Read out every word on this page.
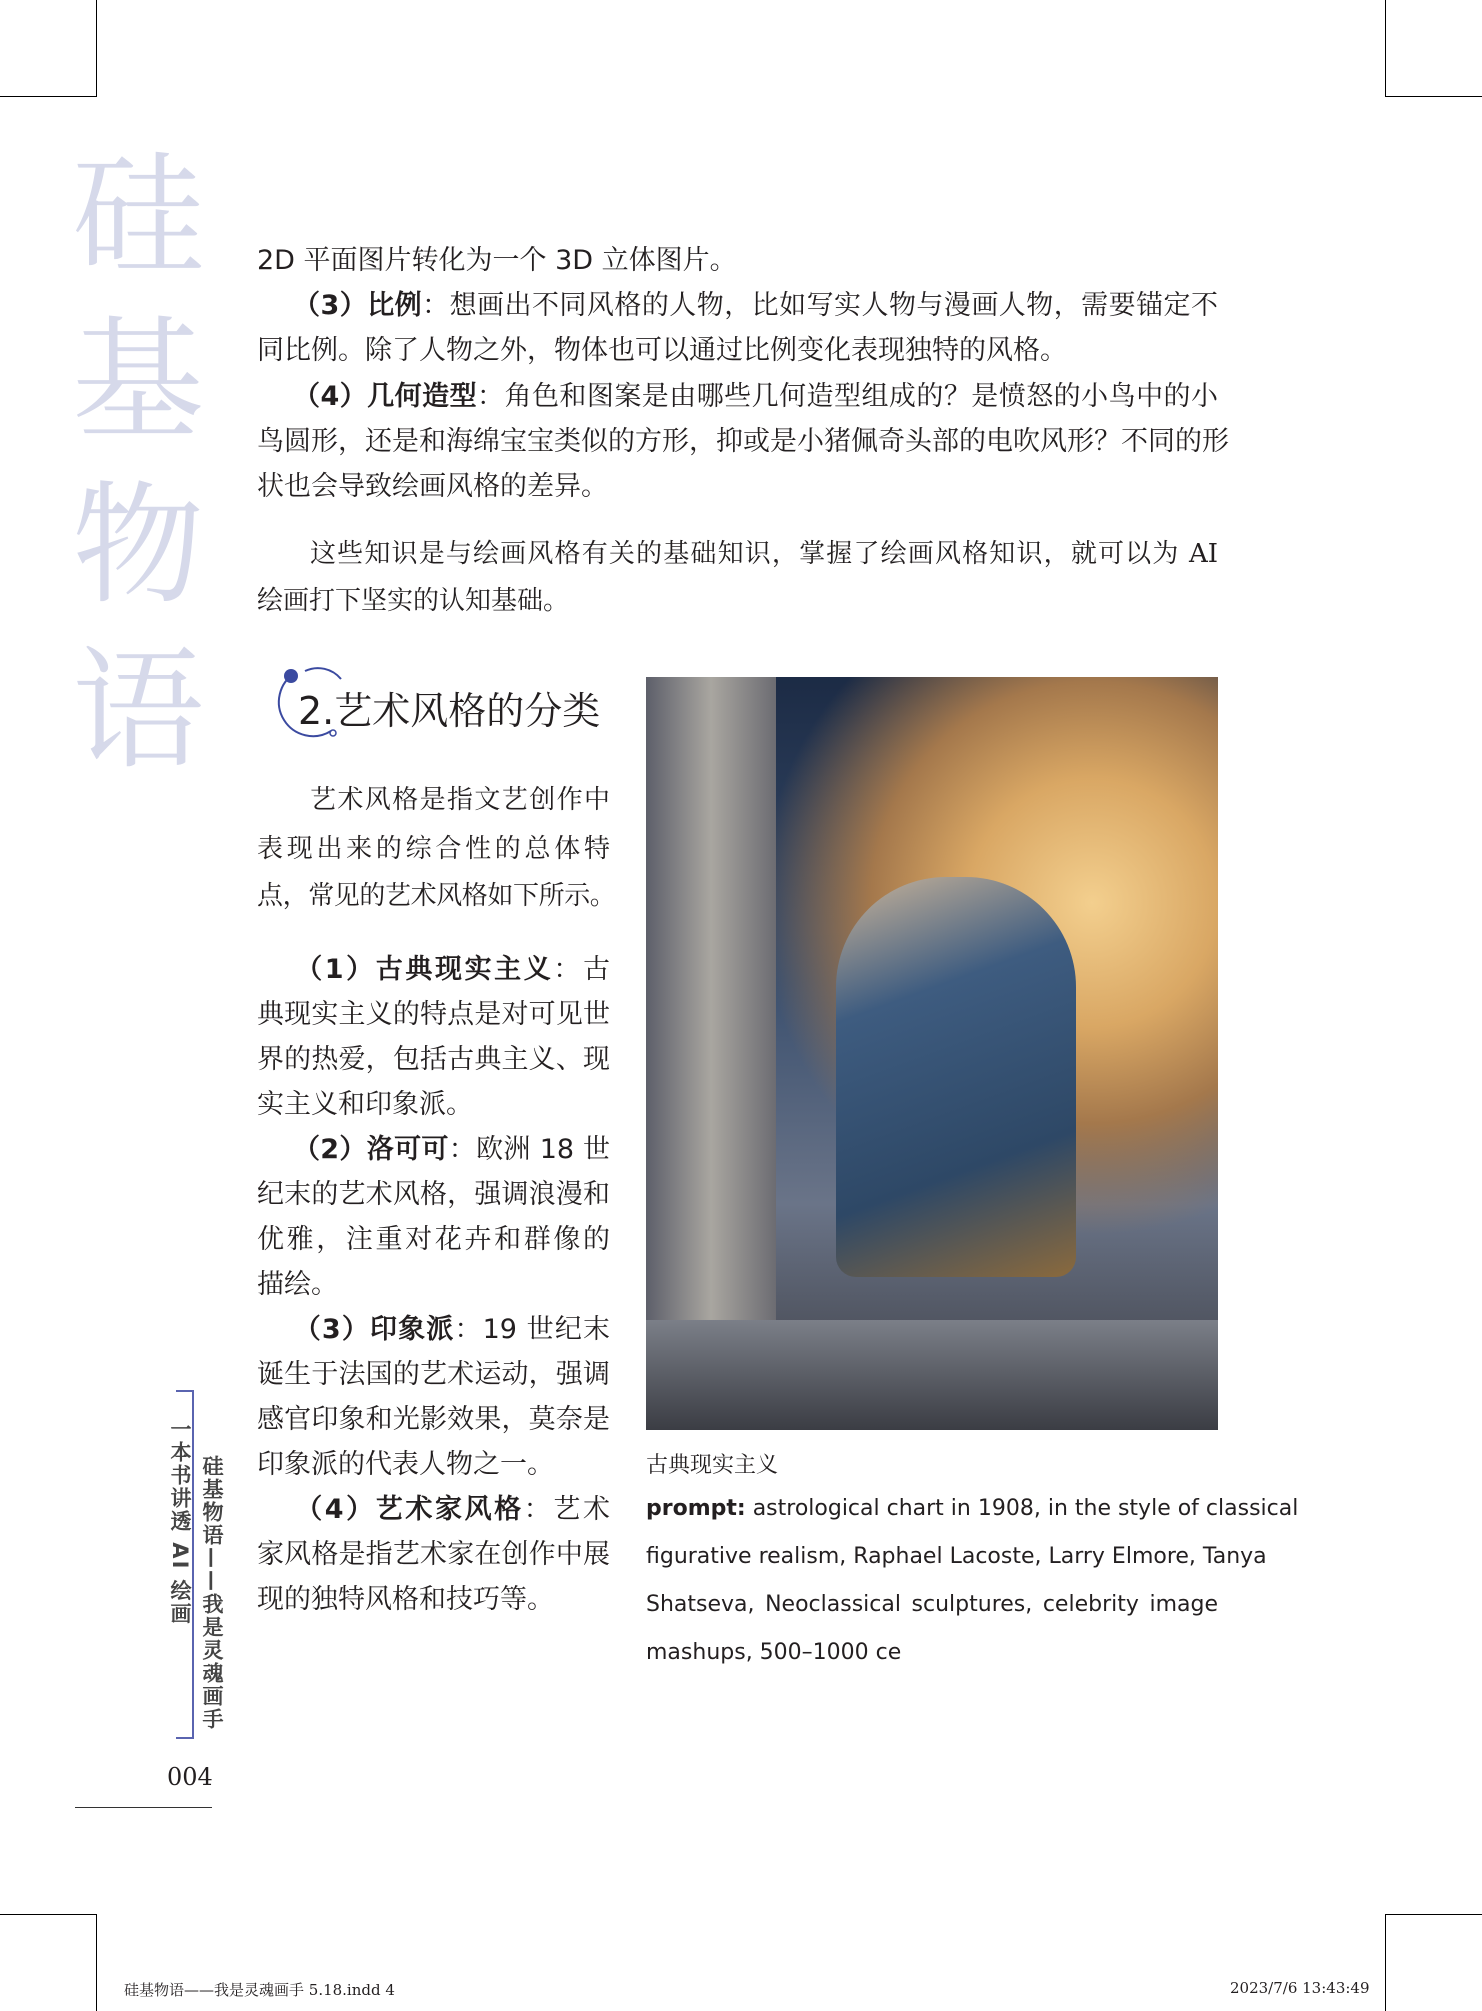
硅
基
物
语
2D 平面图片转化为一个 3D 立体图片。
  （3）比例：想画出不同风格的人物，比如写实人物与漫画人物，需要锚定不
同比例。除了人物之外，物体也可以通过比例变化表现独特的风格。
  （4）几何造型：角色和图案是由哪些几何造型组成的？是愤怒的小鸟中的小
鸟圆形，还是和海绵宝宝类似的方形，抑或是小猪佩奇头部的电吹风形？不同的形
状也会导致绘画风格的差异。
这些知识是与绘画风格有关的基础知识，掌握了绘画风格知识，就可以为 AI
绘画打下坚实的认知基础。
2.艺术风格的分类
艺术风格是指文艺创作中
表现出来的综合性的总体特
点，常见的艺术风格如下所示。
  （1）古典现实主义：古
典现实主义的特点是对可见世
界的热爱，包括古典主义、现
实主义和印象派。
  （2）洛可可：欧洲 18 世
纪末的艺术风格，强调浪漫和
优雅，注重对花卉和群像的
描绘。
  （3）印象派：19 世纪末
诞生于法国的艺术运动，强调
感官印象和光影效果，莫奈是
印象派的代表人物之一。
  （4）艺术家风格：艺术
家风格是指艺术家在创作中展
现的独特风格和技巧等。
古典现实主义
prompt: astrological chart in 1908, in the style of classical
figurative realism, Raphael Lacoste, Larry Elmore, Tanya
Shatseva, Neoclassical sculptures, celebrity image
mashups, 500–1000 ce
一本书讲透 AI 绘画 硅基物语——我是灵魂画手
004
硅基物语——我是灵魂画手 5.18.indd 4	2023/7/6 13:43:49
